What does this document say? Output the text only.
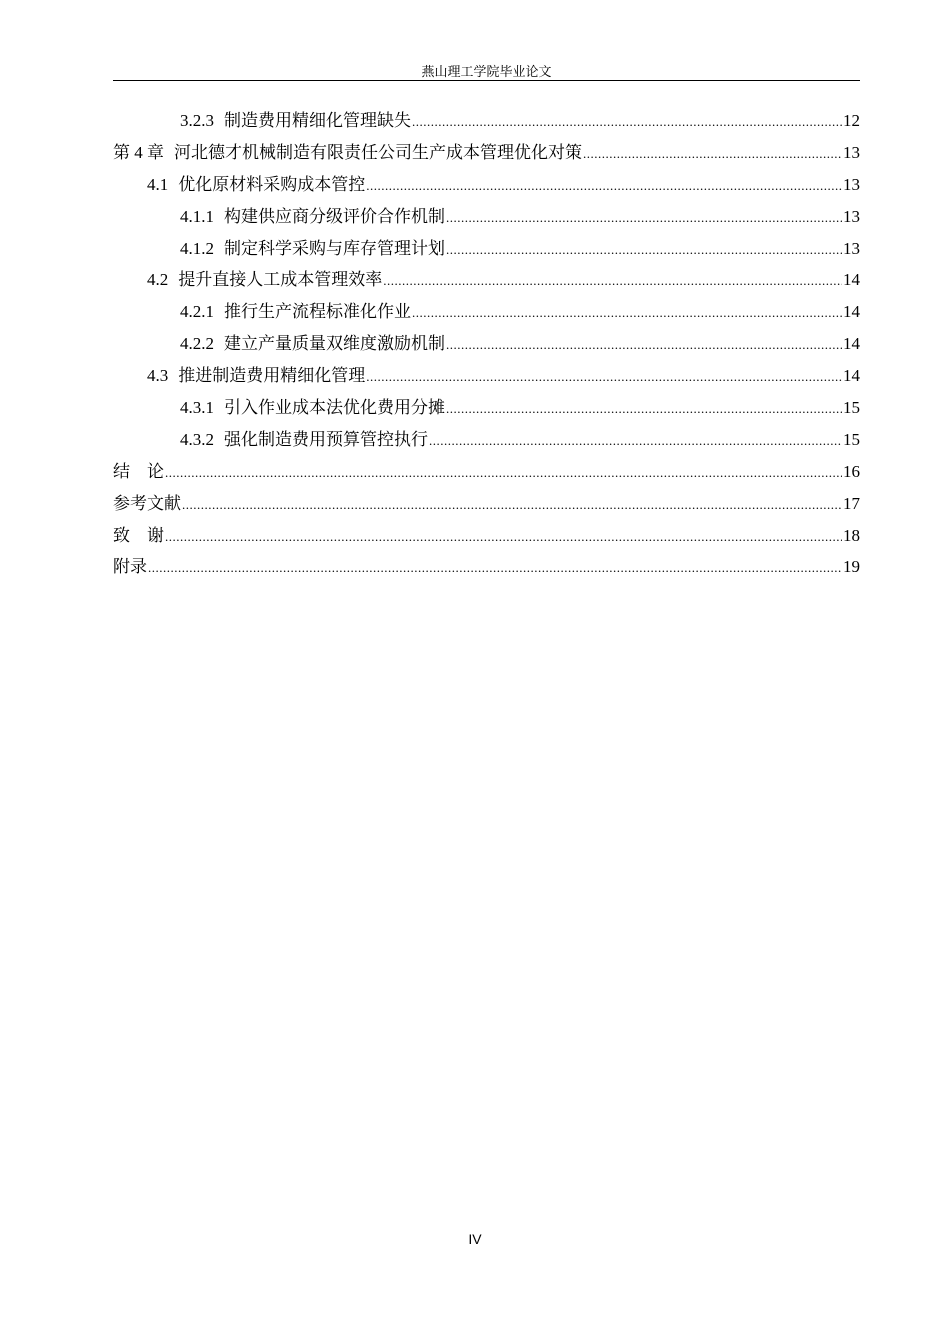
燕山理工学院毕业论文
3.2.3 制造费用精细化管理缺失 .....	12
第 4 章 河北德才机械制造有限责任公司生产成本管理优化对策 .....	13
4.1 优化原材料采购成本管控 .....	13
4.1.1 构建供应商分级评价合作机制 .....	13
4.1.2 制定科学采购与库存管理计划 .....	13
4.2 提升直接人工成本管理效率 .....	14
4.2.1 推行生产流程标准化作业 .....	14
4.2.2 建立产量质量双维度激励机制 .....	14
4.3 推进制造费用精细化管理 .....	14
4.3.1 引入作业成本法优化费用分摊 .....	15
4.3.2 强化制造费用预算管控执行 .....	15
结　论 .....	16
参考文献 .....	17
致　谢 .....	18
附录 .....	19
IV
